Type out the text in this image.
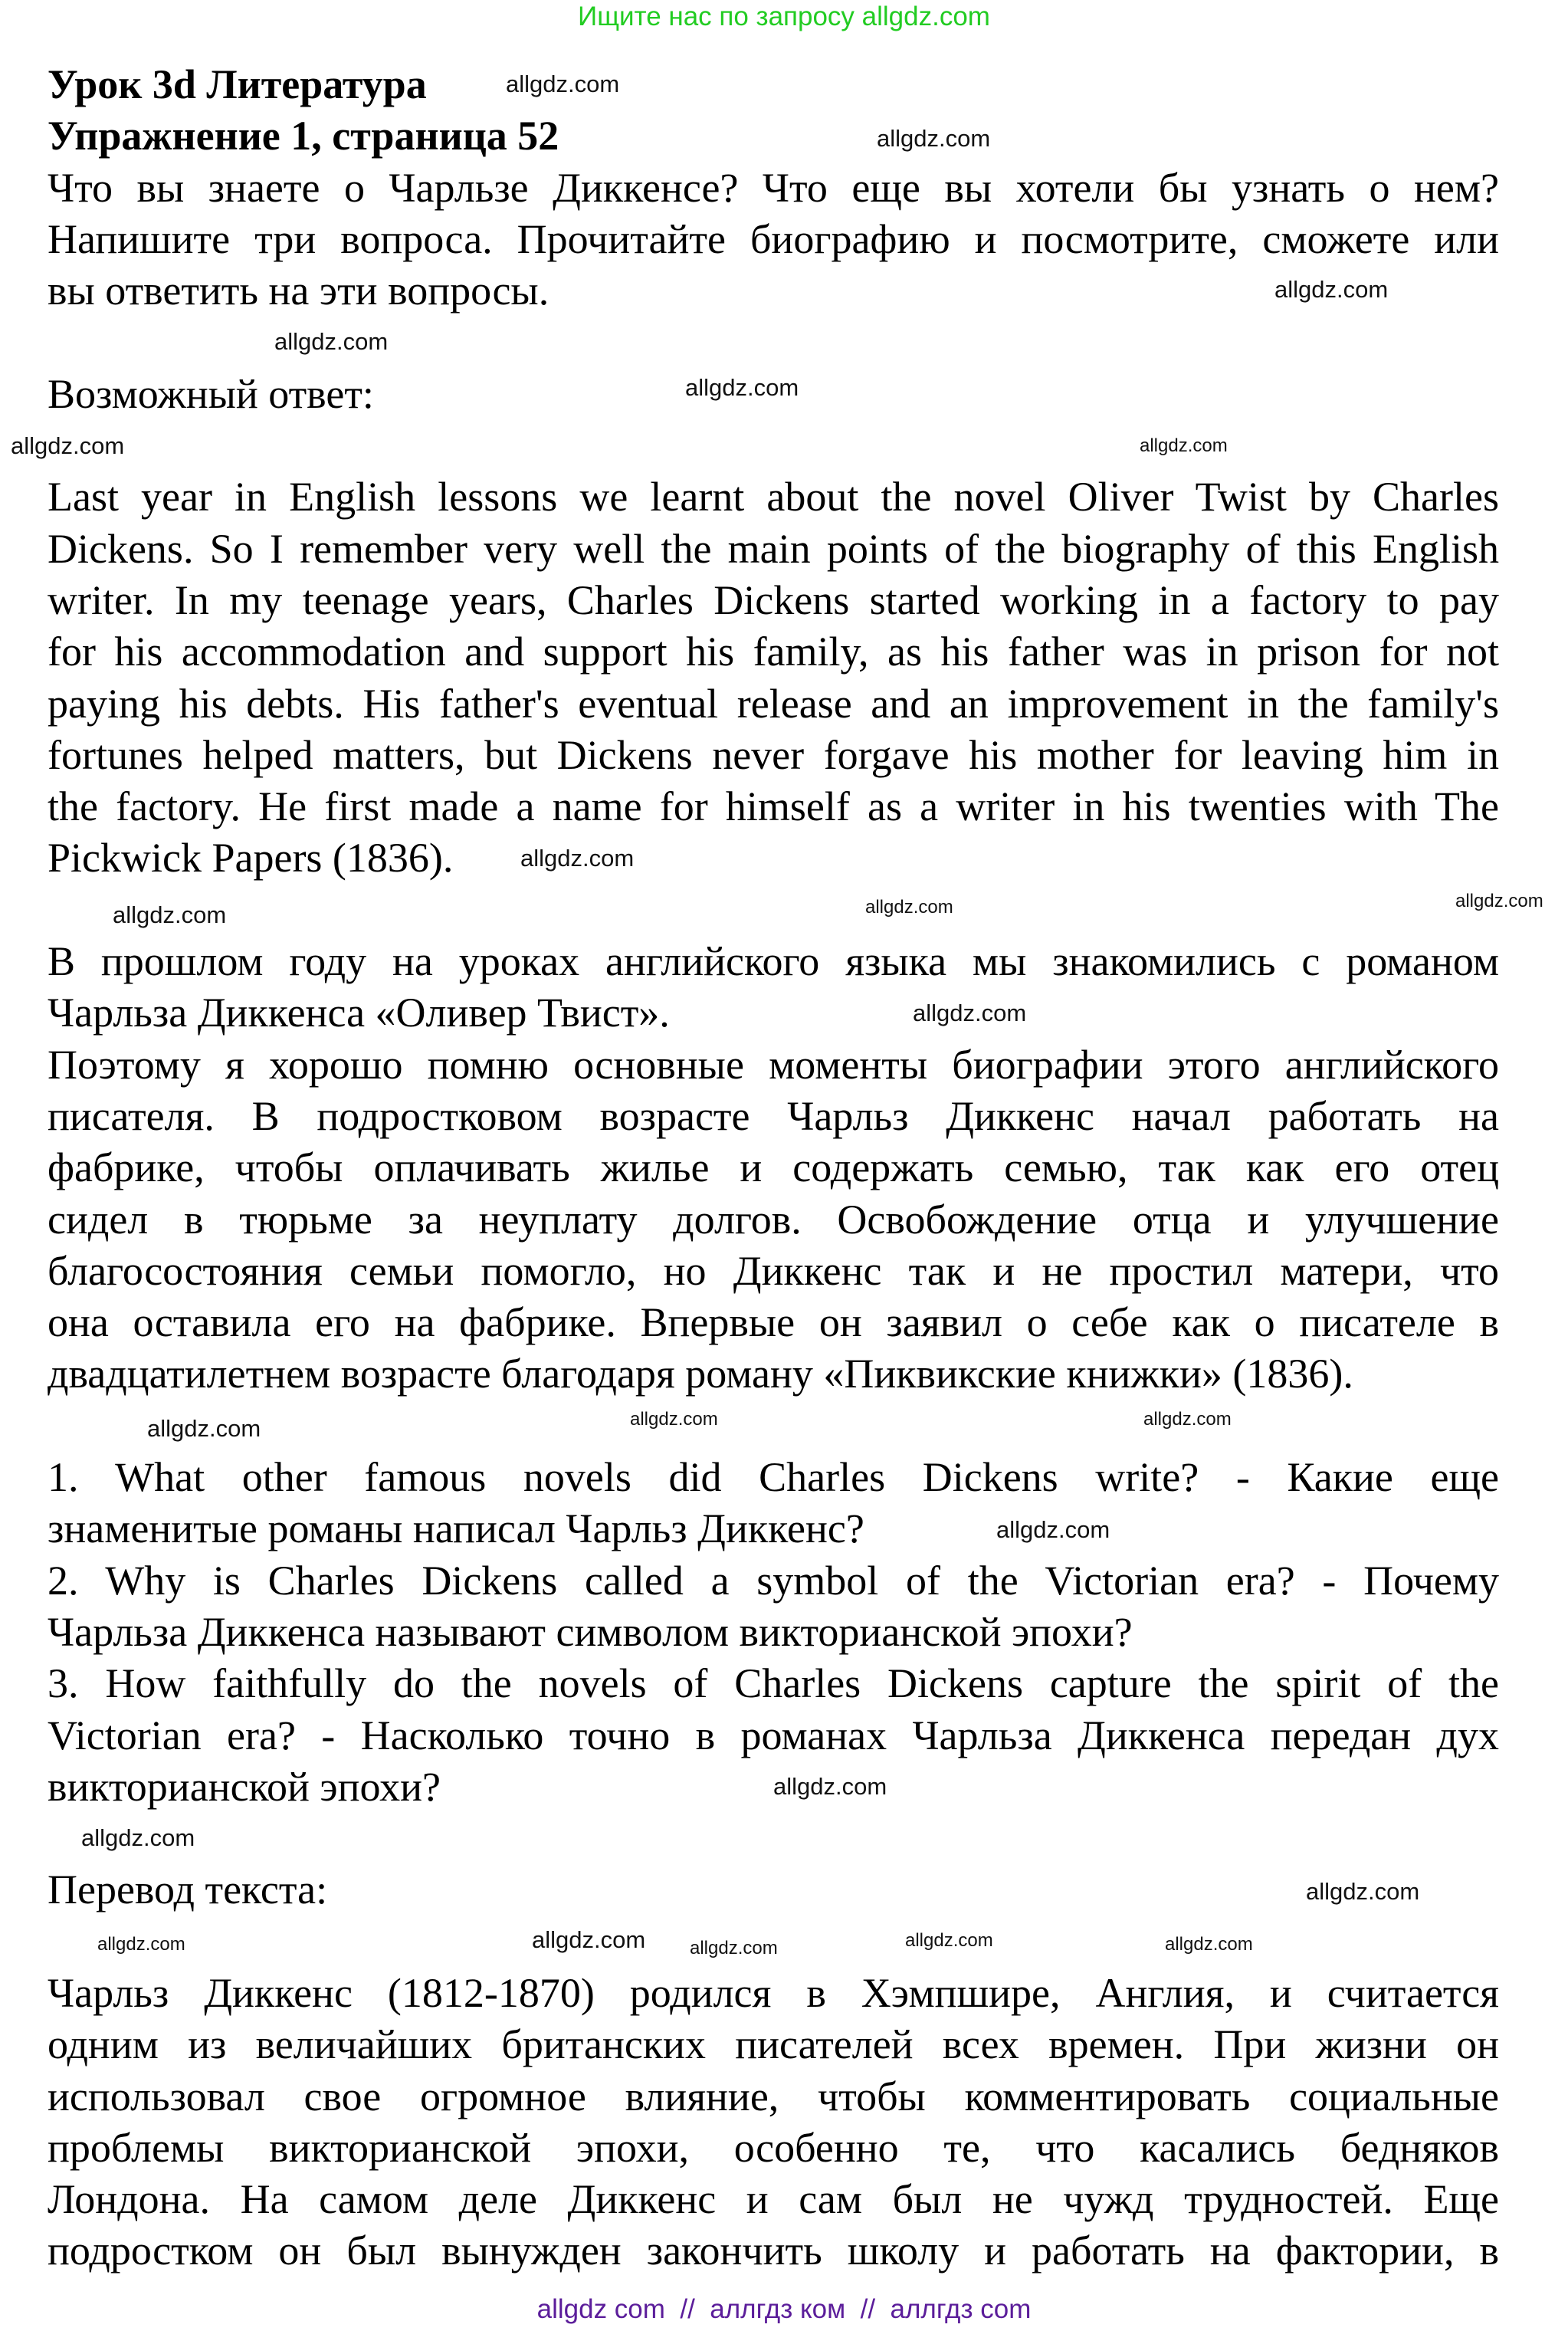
Ищите нас по запросу allgdz.com
Урок 3d Литература
Упражнение 1, страница 52
Что вы знаете о Чарльзе Диккенсе? Что еще вы хотели бы узнать о нем?
Напишите три вопроса. Прочитайте биографию и посмотрите, сможете или
вы ответить на эти вопросы.
Возможный ответ:
Last year in English lessons we learnt about the novel Oliver Twist by Charles
Dickens. So I remember very well the main points of the biography of this English
writer. In my teenage years, Charles Dickens started working in a factory to pay
for his accommodation and support his family, as his father was in prison for not
paying his debts. His father's eventual release and an improvement in the family's
fortunes helped matters, but Dickens never forgave his mother for leaving him in
the factory. He first made a name for himself as a writer in his twenties with The
Pickwick Papers (1836).
В прошлом году на уроках английского языка мы знакомились с романом
Чарльза Диккенса «Оливер Твист».
Поэтому я хорошо помню основные моменты биографии этого английского
писателя. В подростковом возрасте Чарльз Диккенс начал работать на
фабрике, чтобы оплачивать жилье и содержать семью, так как его отец
сидел в тюрьме за неуплату долгов. Освобождение отца и улучшение
благосостояния семьи помогло, но Диккенс так и не простил матери, что
она оставила его на фабрике. Впервые он заявил о себе как о писателе в
двадцатилетнем возрасте благодаря роману «Пиквикские книжки» (1836).
1. What other famous novels did Charles Dickens write? - Какие еще
знаменитые романы написал Чарльз Диккенс?
2. Why is Charles Dickens called a symbol of the Victorian era? - Почему
Чарльза Диккенса называют символом викторианской эпохи?
3. How faithfully do the novels of Charles Dickens capture the spirit of the
Victorian era? - Насколько точно в романах Чарльза Диккенса передан дух
викторианской эпохи?
Перевод текста:
Чарльз Диккенс (1812-1870) родился в Хэмпшире, Англия, и считается
одним из величайших британских писателей всех времен. При жизни он
использовал свое огромное влияние, чтобы комментировать социальные
проблемы викторианской эпохи, особенно те, что касались бедняков
Лондона. На самом деле Диккенс и сам был не чужд трудностей. Еще
подростком он был вынужден закончить школу и работать на фактории, в
allgdz.com
allgdz.com
allgdz.com
allgdz.com
allgdz.com
allgdz.com	allgdz.com
allgdz.com
allgdz.com
allgdz.com
allgdz.com
allgdz.com
allgdz.com	allgdz.com
allgdz.com
allgdz.com
allgdz.com
allgdz.com
allgdz.com
allgdz.com	allgdz.com
allgdz.com	allgdz.com	allgdz.com
allgdz com  //  аллгдз ком  //  аллгдз com
